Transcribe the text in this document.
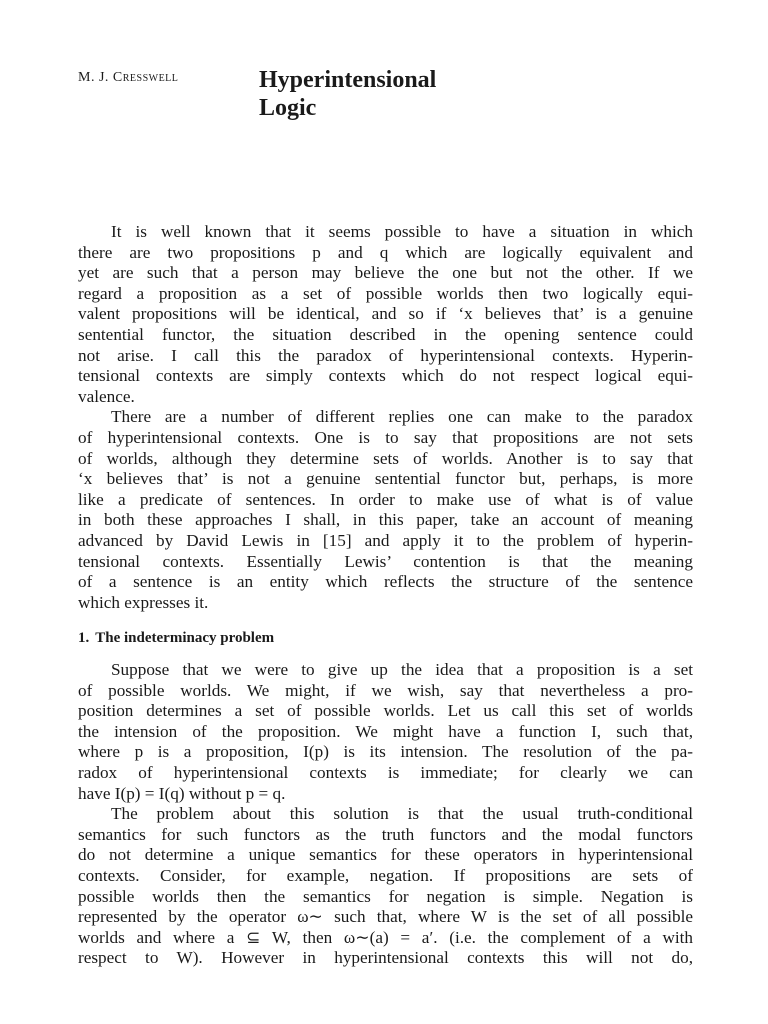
M. J. Cresswell	Hyperintensional
Logic
It is well known that it seems possible to have a situation in which
there are two propositions p and q which are logically equivalent and
yet are such that a person may believe the one but not the other. If we
regard a proposition as a set of possible worlds then two logically equi-
valent propositions will be identical, and so if ‘x believes that’ is a genuine
sentential functor, the situation described in the opening sentence could
not arise. I call this the paradox of hyperintensional contexts. Hyperin-
tensional contexts are simply contexts which do not respect logical equi-
valence.
There are a number of different replies one can make to the paradox
of hyperintensional contexts. One is to say that propositions are not sets
of worlds, although they determine sets of worlds. Another is to say that
‘x believes that’ is not a genuine sentential functor but, perhaps, is more
like a predicate of sentences. In order to make use of what is of value
in both these approaches I shall, in this paper, take an account of meaning
advanced by David Lewis in [15] and apply it to the problem of hyperin-
tensional contexts. Essentially Lewis’ contention is that the meaning
of a sentence is an entity which reflects the structure of the sentence
which expresses it.
1. The indeterminacy problem
Suppose that we were to give up the idea that a proposition is a set
of possible worlds. We might, if we wish, say that nevertheless a pro-
position determines a set of possible worlds. Let us call this set of worlds
the intension of the proposition. We might have a function I, such that,
where p is a proposition, I(p) is its intension. The resolution of the pa-
radox of hyperintensional contexts is immediate; for clearly we can
have I(p) = I(q) without p = q.
The problem about this solution is that the usual truth-conditional
semantics for such functors as the truth functors and the modal functors
do not determine a unique semantics for these operators in hyperintensional
contexts. Consider, for example, negation. If propositions are sets of
possible worlds then the semantics for negation is simple. Negation is
represented by the operator ω∼ such that, where W is the set of all possible
worlds and where a ⊆ W, then ω∼(a) = a′. (i.e. the complement of a with
respect to W). However in hyperintensional contexts this will not do,
